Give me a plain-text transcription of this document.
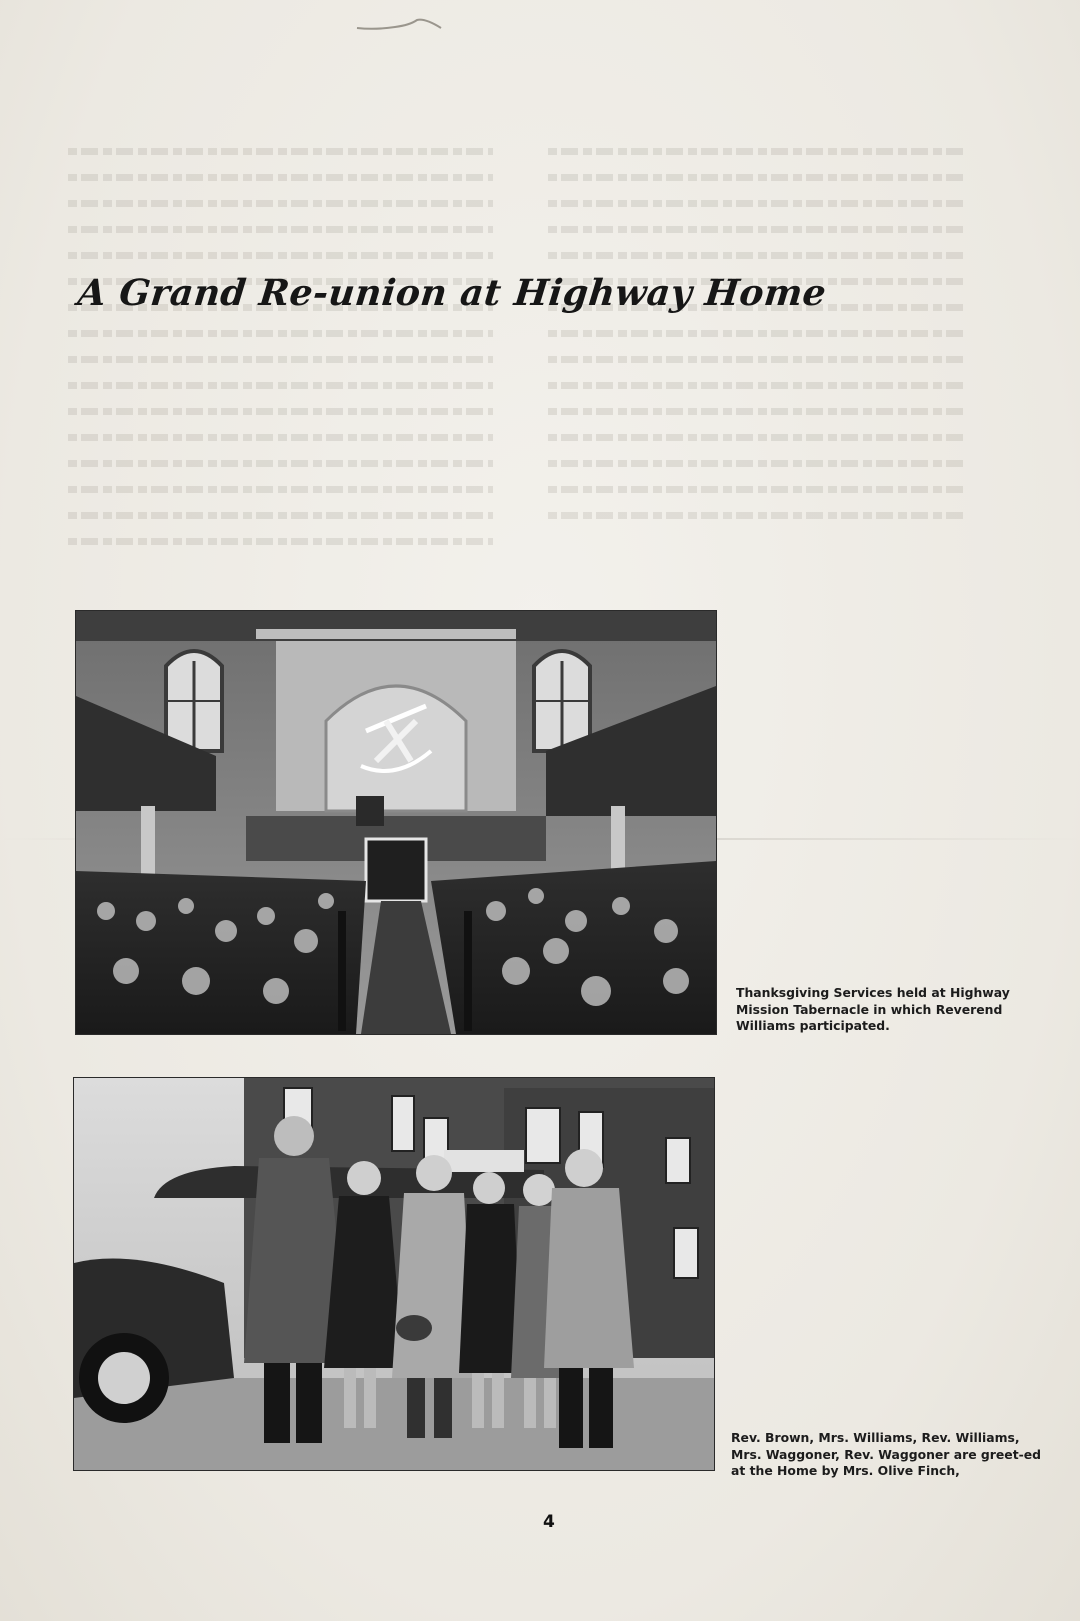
A Grand Re-union at Highway Home

Thanksgiving Services held at Highway Mission Tabernacle in which Reverend Williams participated.

Rev. Brown, Mrs. Williams, Rev. Williams, Mrs. Waggoner, Rev. Waggoner are greet-ed at the Home by Mrs. Olive Finch,

4
